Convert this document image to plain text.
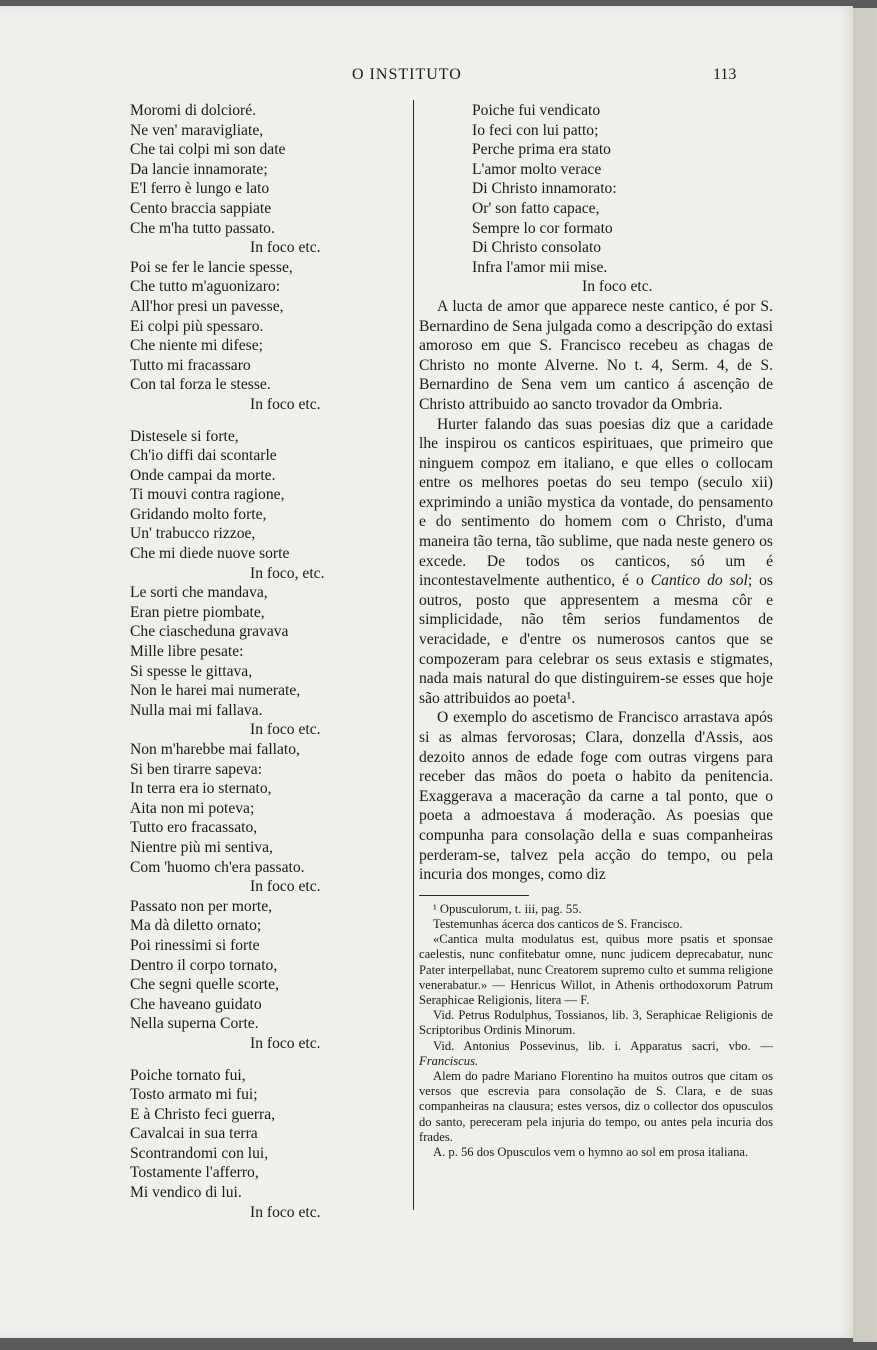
O INSTITUTO	113
Moromi di dolcioré.
Ne ven' maravigliate,
Che tai colpi mi son date
Da lancie innamorate;
E'l ferro è lungo e lato
Cento braccia sappiate
Che m'ha tutto passato.
In foco etc.
Poi se fer le lancie spesse,
Che tutto m'aguonizaro:
All'hor presi un pavesse,
Ei colpi più spessaro.
Che niente mi difese;
Tutto mi fracassaro
Con tal forza le stesse.
In foco etc.
Distesele si forte,
Ch'io diffi dai scontarle
Onde campai da morte.
Ti mouvi contra ragione,
Gridando molto forte,
Un' trabucco rizzoe,
Che mi diede nuove sorte
In foco, etc.
Le sorti che mandava,
Eran pietre piombate,
Che ciascheduna gravava
Mille libre pesate:
Si spesse le gittava,
Non le harei mai numerate,
Nulla mai mi fallava.
In foco etc.
Non m'harebbe mai fallato,
Si ben tirarre sapeva:
In terra era io sternato,
Aita non mi poteva;
Tutto ero fracassato,
Nientre più mi sentiva,
Com 'huomo ch'era passato.
In foco etc.
Passato non per morte,
Ma dà diletto ornato;
Poi rinessimi si forte
Dentro il corpo tornato,
Che segni quelle scorte,
Che haveano guidato
Nella superna Corte.
In foco etc.
Poiche tornato fui,
Tosto armato mi fui;
E à Christo feci guerra,
Cavalcai in sua terra
Scontrandomi con lui,
Tostamente l'afferro,
Mi vendico di lui.
In foco etc.
Poiche fui vendicato
Io feci con lui patto;
Perche prima era stato
L'amor molto veracе
Di Christo innamorato:
Or' son fatto capace,
Sempre lo cor formato
Di Christo consolato
Infra l'amor mii mise.
In foco etc.

A lucta de amor que apparece neste cantico, é por S. Bernardino de Sena julgada como a descripção do extasi amoroso em que S. Francisco recebeu as chagas de Christo no monte Alverne. No t. 4, Serm. 4, de S. Bernardino de Sena vem um cantico á ascenção de Christo attribuido ao sancto trovador da Ombria.

Hurter falando das suas poesias diz que a caridade lhe inspirou os canticos espirituaes, que primeiro que ninguem compoz em italiano, e que elles o collocam entre os melhores poetas do seu tempo (seculo xii) exprimindo a união mystica da vontade, do pensamento e do sentimento do homem com o Christo, d'uma maneira tão terna, tão sublime, que nada neste genero os excede. De todos os canticos, só um é incontestavelmente authentico, é o Cantico do sol; os outros, posto que appresentem a mesma côr e simplicidade, não têm serios fundamentos de veracidade, e d'entre os numerosos cantos que se compozeram para celebrar os seus extasis e stigmates, nada mais natural do que distinguirem-se esses que hoje são attribuidos ao poeta¹.

O exemplo do ascetismo de Francisco arrastava após si as almas fervorosas; Clara, donzella d'Assis, aos dezoito annos de edade foge com outras virgens para receber das mãos do poeta o habito da penitencia. Exaggerava a maceração da carne a tal ponto, que o poeta a admoestava á moderação. As poesias que compunha para consolação della e suas companheiras perderam-se, talvez pela acção do tempo, ou pela incuria dos monges, como diz

¹ Opusculorum, t. iii, pag. 55.

Testemunhas ácerca dos canticos de S. Francisco.

«Cantica multa modulatus est, quibus more psatis et sponsae caelestis, nunc confitebatur omne, nunc judicem deprecabatur, nunc Pater interpellabat, nunc Creatorem supremo culto et summa religione venerabatur.» — Henricus Willot, in Athenis orthodoxorum Patrum Seraphicae Religionis, litera — F.

Vid. Petrus Rodulphus, Tossianos, lib. 3, Seraphicae Religionis de Scriptoribus Ordinis Minorum.

Vid. Antonius Possevinus, lib. i. Apparatus sacri, vbo. — Franciscus.

Alem do padre Mariano Florentino ha muitos outros que citam os versos que escrevia para consolação de S. Clara, e de suas companheiras na clausura; estes versos, diz o collector dos opusculos do santo, pereceram pela injuria do tempo, ou antes pela incuria dos frades.

A. p. 56 dos Opusculos vem o hymno ao sol em prosa italiana.
